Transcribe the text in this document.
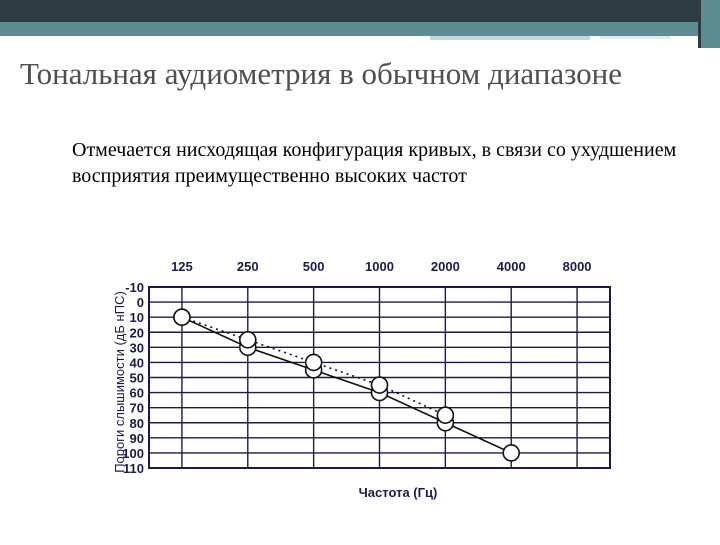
Тональная аудиометрия в обычном диапазоне

Отмечается нисходящая конфигурация кривых, в связи со ухудшением восприятия преимущественно высоких частот

-10
0
10
20
30
40
50
60
70
80
90
100
110
125	250	500	1000	2000	4000	8000
Частота (Гц)
Пороги слышимости (дБ нПС)
